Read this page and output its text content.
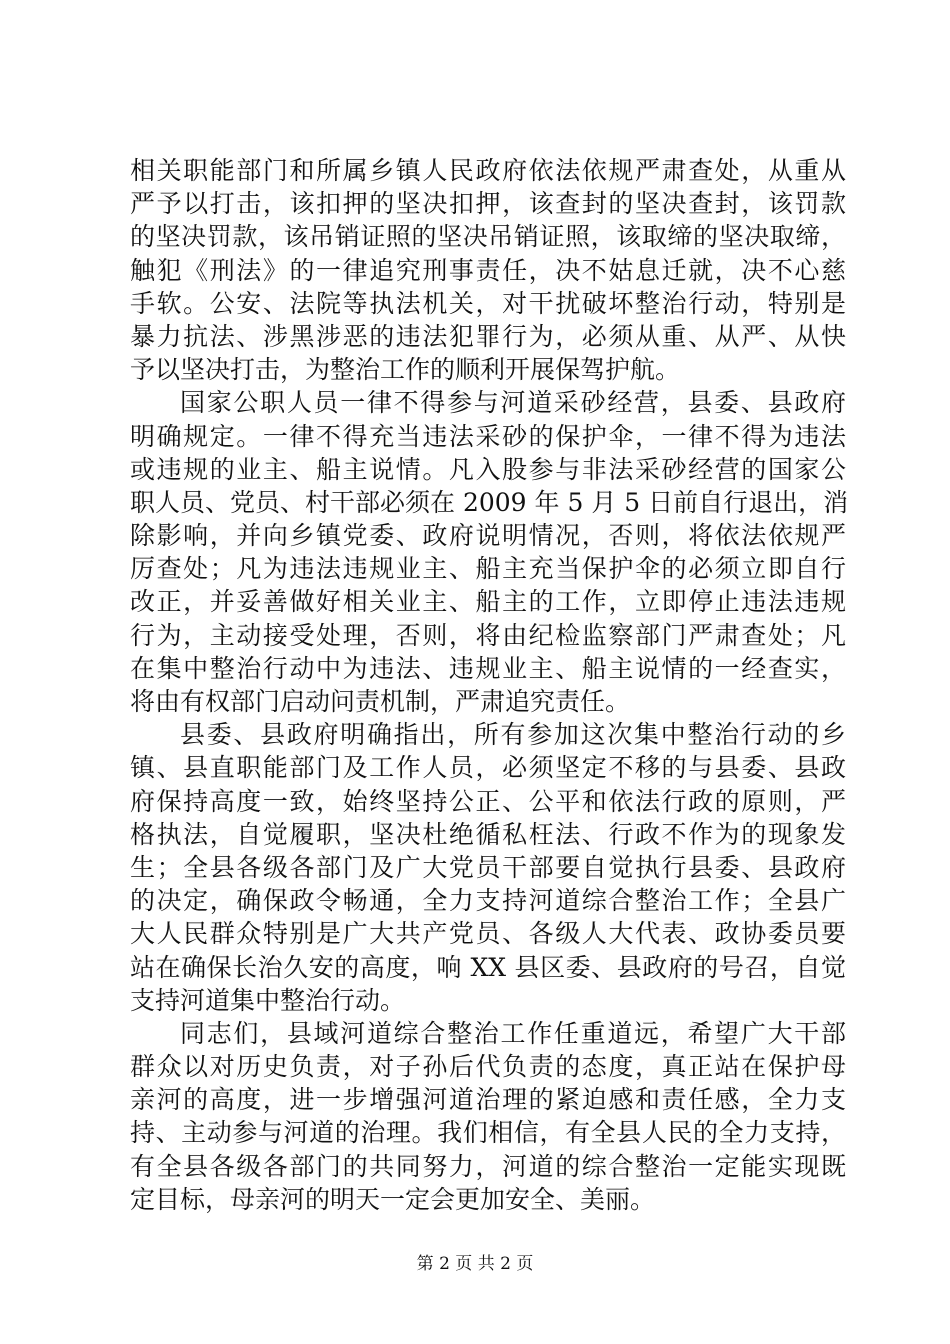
相关职能部门和所属乡镇人民政府依法依规严肃查处，从重从
严予以打击，该扣押的坚决扣押，该查封的坚决查封，该罚款
的坚决罚款，该吊销证照的坚决吊销证照，该取缔的坚决取缔，
触犯《刑法》的一律追究刑事责任，决不姑息迁就，决不心慈
手软。公安、法院等执法机关，对干扰破坏整治行动，特别是
暴力抗法、涉黑涉恶的违法犯罪行为，必须从重、从严、从快
予以坚决打击，为整治工作的顺利开展保驾护航。
国家公职人员一律不得参与河道采砂经营，县委、县政府
明确规定。一律不得充当违法采砂的保护伞，一律不得为违法
或违规的业主、船主说情。凡入股参与非法采砂经营的国家公
职人员、党员、村干部必须在 2009 年 5 月 5 日前自行退出，消
除影响，并向乡镇党委、政府说明情况，否则，将依法依规严
厉查处；凡为违法违规业主、船主充当保护伞的必须立即自行
改正，并妥善做好相关业主、船主的工作，立即停止违法违规
行为，主动接受处理，否则，将由纪检监察部门严肃查处；凡
在集中整治行动中为违法、违规业主、船主说情的一经查实，
将由有权部门启动问责机制，严肃追究责任。
县委、县政府明确指出，所有参加这次集中整治行动的乡
镇、县直职能部门及工作人员，必须坚定不移的与县委、县政
府保持高度一致，始终坚持公正、公平和依法行政的原则，严
格执法，自觉履职，坚决杜绝循私枉法、行政不作为的现象发
生；全县各级各部门及广大党员干部要自觉执行县委、县政府
的决定，确保政令畅通，全力支持河道综合整治工作；全县广
大人民群众特别是广大共产党员、各级人大代表、政协委员要
站在确保长治久安的高度，响 XX 县区委、县政府的号召，自觉
支持河道集中整治行动。
同志们，县域河道综合整治工作任重道远，希望广大干部
群众以对历史负责，对子孙后代负责的态度，真正站在保护母
亲河的高度，进一步增强河道治理的紧迫感和责任感，全力支
持、主动参与河道的治理。我们相信，有全县人民的全力支持，
有全县各级各部门的共同努力，河道的综合整治一定能实现既
定目标，母亲河的明天一定会更加安全、美丽。
第 2 页 共 2 页
